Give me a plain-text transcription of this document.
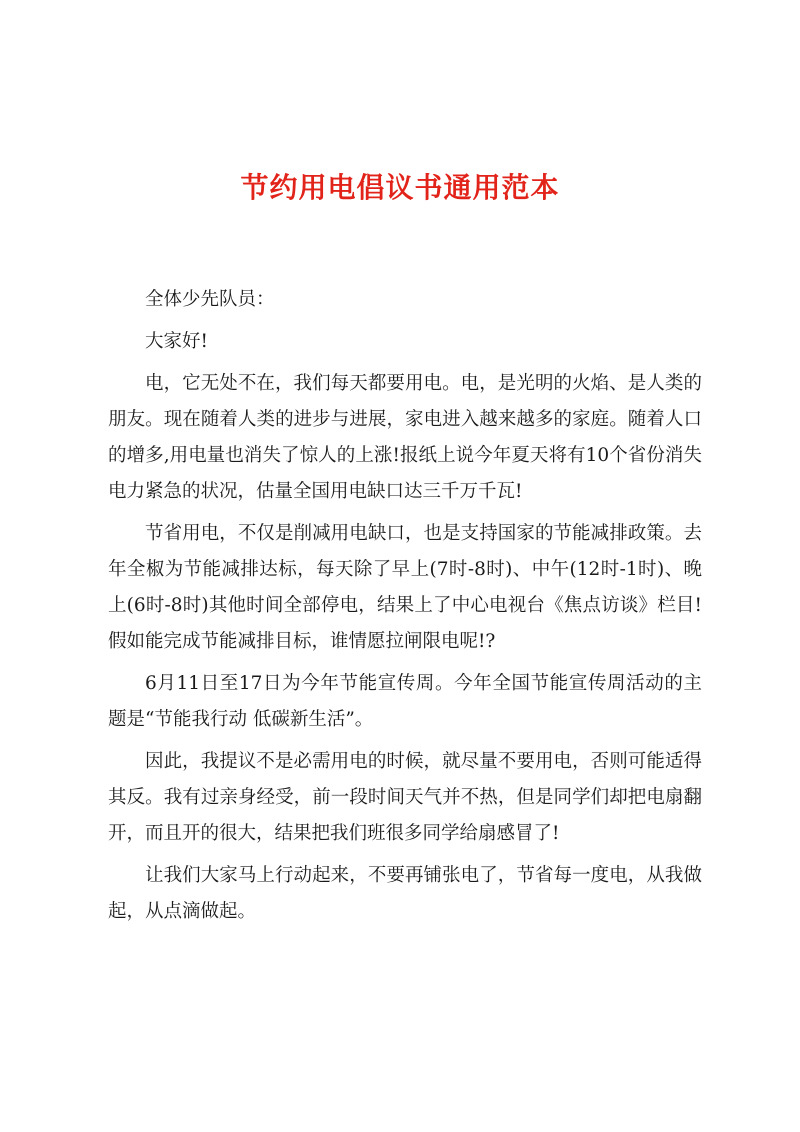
节约用电倡议书通用范本

全体少先队员：

大家好!

电，它无处不在，我们每天都要用电。电，是光明的火焰、是人类的朋友。现在随着人类的进步与进展，家电进入越来越多的家庭。随着人口的增多,用电量也消失了惊人的上涨!报纸上说今年夏天将有10个省份消失电力紧急的状况，估量全国用电缺口达三千万千瓦!

节省用电，不仅是削减用电缺口，也是支持国家的节能减排政策。去年全椒为节能减排达标，每天除了早上(7时-8时)、中午(12时-1时)、晚上(6时-8时)其他时间全部停电，结果上了中心电视台《焦点访谈》栏目!假如能完成节能减排目标，谁情愿拉闸限电呢!?

6月11日至17日为今年节能宣传周。今年全国节能宣传周活动的主题是“节能我行动 低碳新生活”。

因此，我提议不是必需用电的时候，就尽量不要用电，否则可能适得其反。我有过亲身经受，前一段时间天气并不热，但是同学们却把电扇翻开，而且开的很大，结果把我们班很多同学给扇感冒了!

让我们大家马上行动起来，不要再铺张电了，节省每一度电，从我做起，从点滴做起。
